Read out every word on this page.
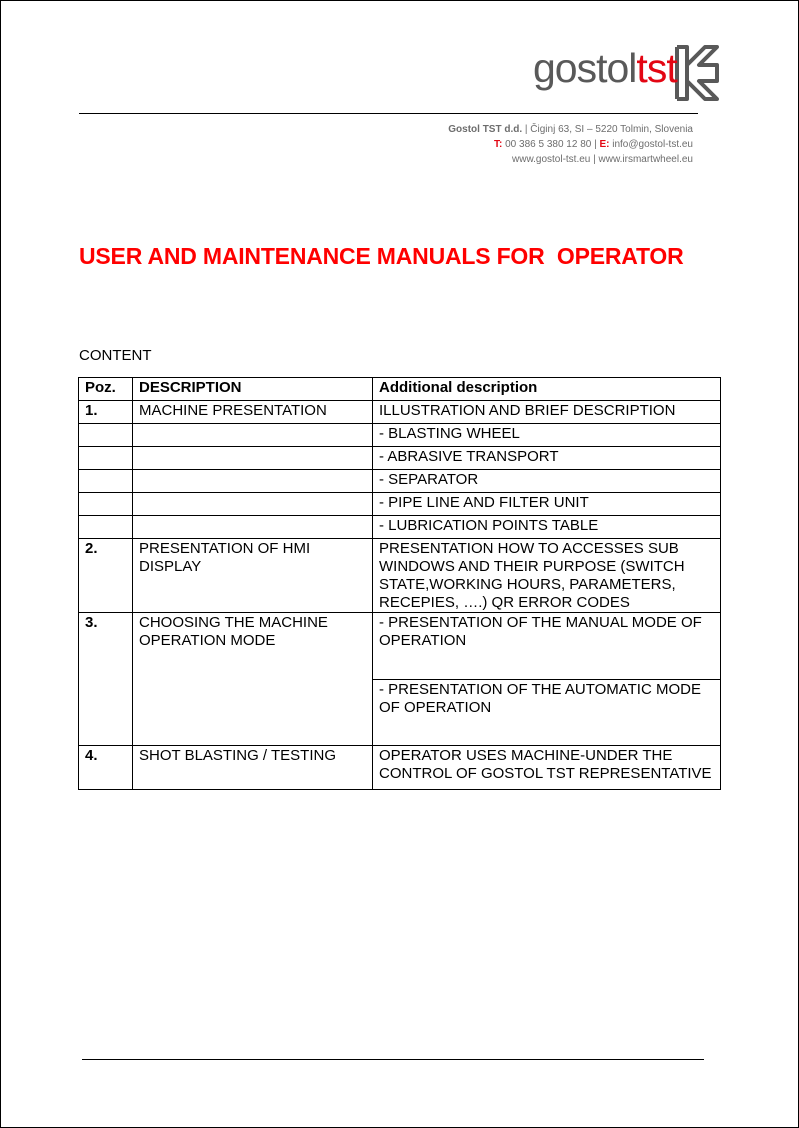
gostoltst
Gostol TST d.d. | Čiginj 63, SI – 5220 Tolmin, Slovenia
T: 00 386 5 380 12 80 | E: info@gostol-tst.eu
www.gostol-tst.eu | www.irsmartwheel.eu
USER AND MAINTENANCE MANUALS FOR  OPERATOR
CONTENT
Poz.	DESCRIPTION	Additional description
1.	MACHINE PRESENTATION	ILLUSTRATION AND BRIEF DESCRIPTION
		- BLASTING WHEEL
		- ABRASIVE TRANSPORT
		- SEPARATOR
		- PIPE LINE AND FILTER UNIT
		- LUBRICATION POINTS TABLE
2.	PRESENTATION OF HMI DISPLAY	PRESENTATION HOW TO ACCESSES SUB WINDOWS AND THEIR PURPOSE (SWITCH STATE,WORKING HOURS, PARAMETERS, RECEPIES, ….) QR ERROR CODES
3.	CHOOSING THE MACHINE OPERATION MODE	- PRESENTATION OF THE MANUAL MODE OF OPERATION
		- PRESENTATION OF THE AUTOMATIC MODE OF OPERATION
4.	SHOT BLASTING / TESTING	OPERATOR USES MACHINE-UNDER THE CONTROL OF GOSTOL TST REPRESENTATIVE
